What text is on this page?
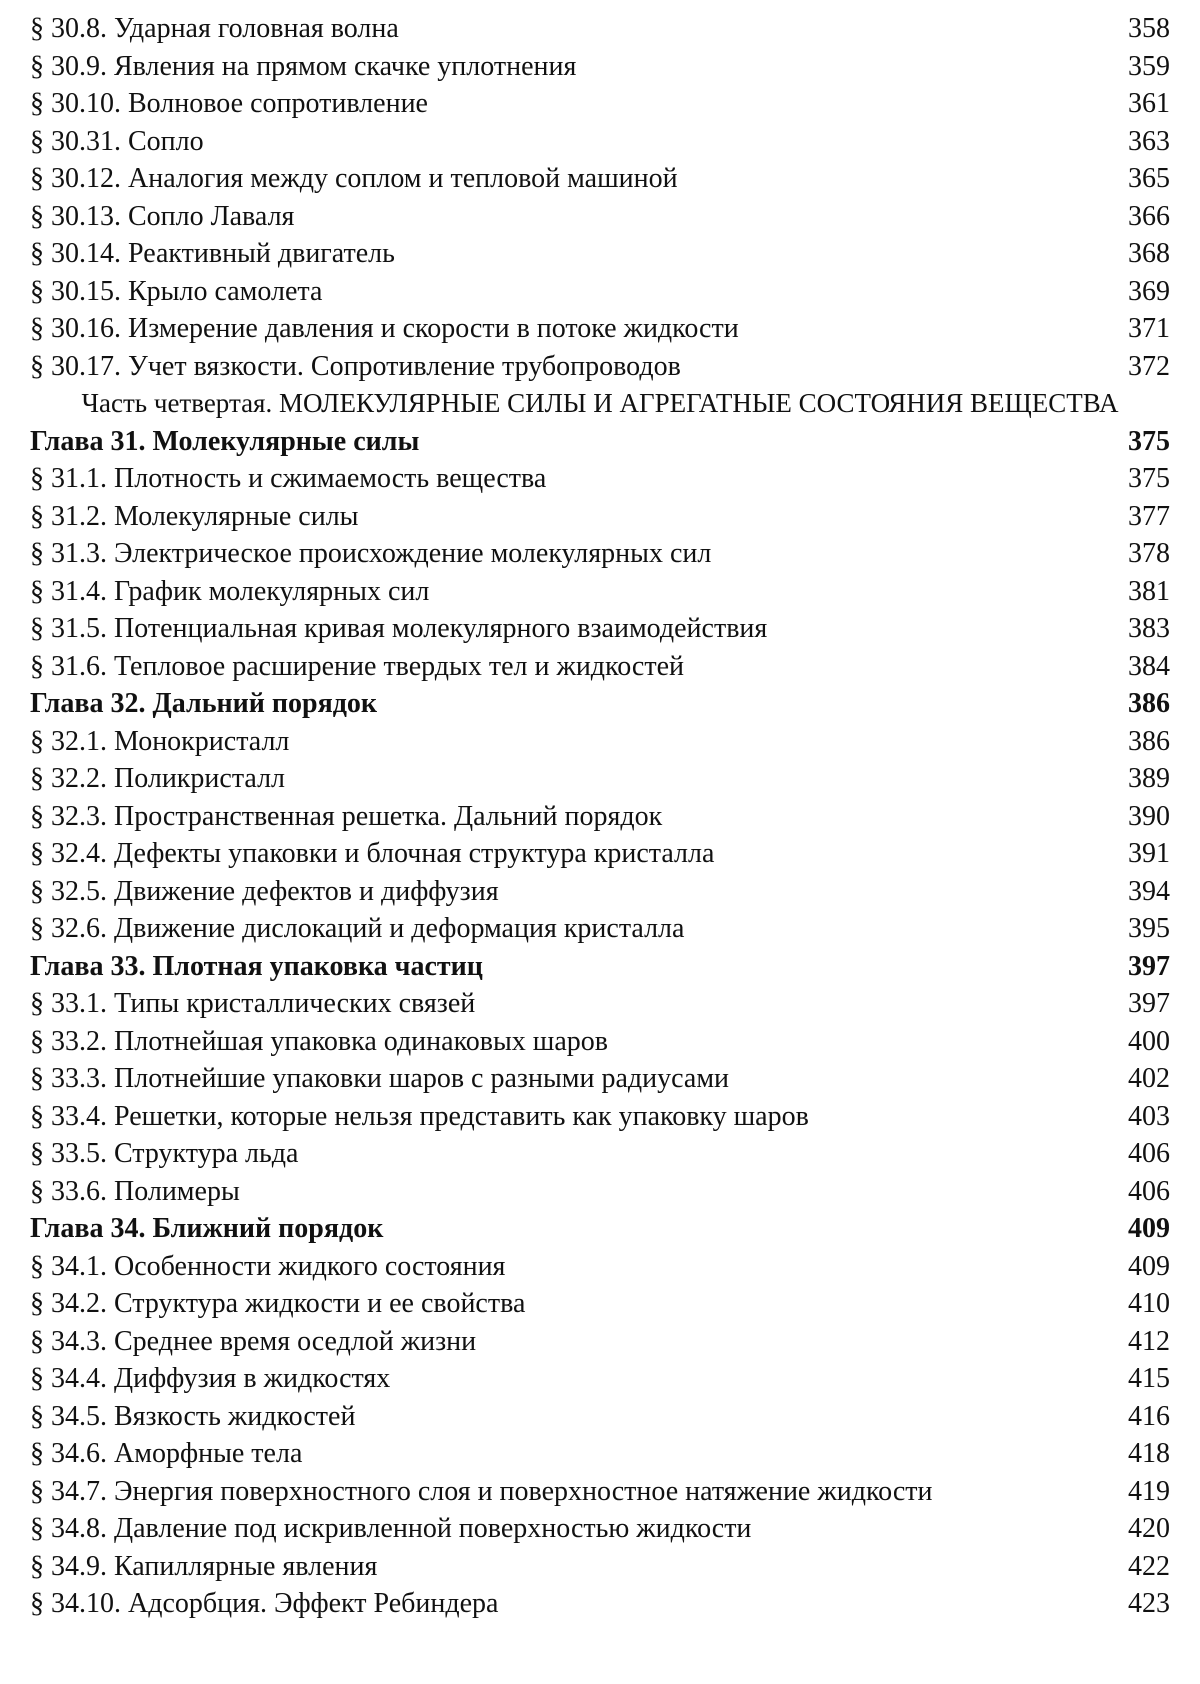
§ 30.8. Ударная головная волна	358
§ 30.9. Явления на прямом скачке уплотнения	359
§ 30.10. Волновое сопротивление	361
§ 30.31. Сопло	363
§ 30.12. Аналогия между соплом и тепловой машиной	365
§ 30.13. Сопло Лаваля	366
§ 30.14. Реактивный двигатель	368
§ 30.15. Крыло самолета	369
§ 30.16. Измерение давления и скорости в потоке жидкости	371
§ 30.17. Учет вязкости. Сопротивление трубопроводов	372
Часть четвертая. МОЛЕКУЛЯРНЫЕ СИЛЫ И АГРЕГАТНЫЕ СОСТОЯНИЯ ВЕЩЕСТВА
Глава 31. Молекулярные силы	375
§ 31.1. Плотность и сжимаемость вещества	375
§ 31.2. Молекулярные силы	377
§ 31.3. Электрическое происхождение молекулярных сил	378
§ 31.4. График молекулярных сил	381
§ 31.5. Потенциальная кривая молекулярного взаимодействия	383
§ 31.6. Тепловое расширение твердых тел и жидкостей	384
Глава 32. Дальний порядок	386
§ 32.1. Монокристалл	386
§ 32.2. Поликристалл	389
§ 32.3. Пространственная решетка. Дальний порядок	390
§ 32.4. Дефекты упаковки и блочная структура кристалла	391
§ 32.5. Движение дефектов и диффузия	394
§ 32.6. Движение дислокаций и деформация кристалла	395
Глава 33. Плотная упаковка частиц	397
§ 33.1. Типы кристаллических связей	397
§ 33.2. Плотнейшая упаковка одинаковых шаров	400
§ 33.3. Плотнейшие упаковки шаров с разными радиусами	402
§ 33.4. Решетки, которые нельзя представить как упаковку шаров	403
§ 33.5. Структура льда	406
§ 33.6. Полимеры	406
Глава 34. Ближний порядок	409
§ 34.1. Особенности жидкого состояния	409
§ 34.2. Структура жидкости и ее свойства	410
§ 34.3. Среднее время оседлой жизни	412
§ 34.4. Диффузия в жидкостях	415
§ 34.5. Вязкость жидкостей	416
§ 34.6. Аморфные тела	418
§ 34.7. Энергия поверхностного слоя и поверхностное натяжение жидкости	419
§ 34.8. Давление под искривленной поверхностью жидкости	420
§ 34.9. Капиллярные явления	422
§ 34.10. Адсорбция. Эффект Ребиндера	423
